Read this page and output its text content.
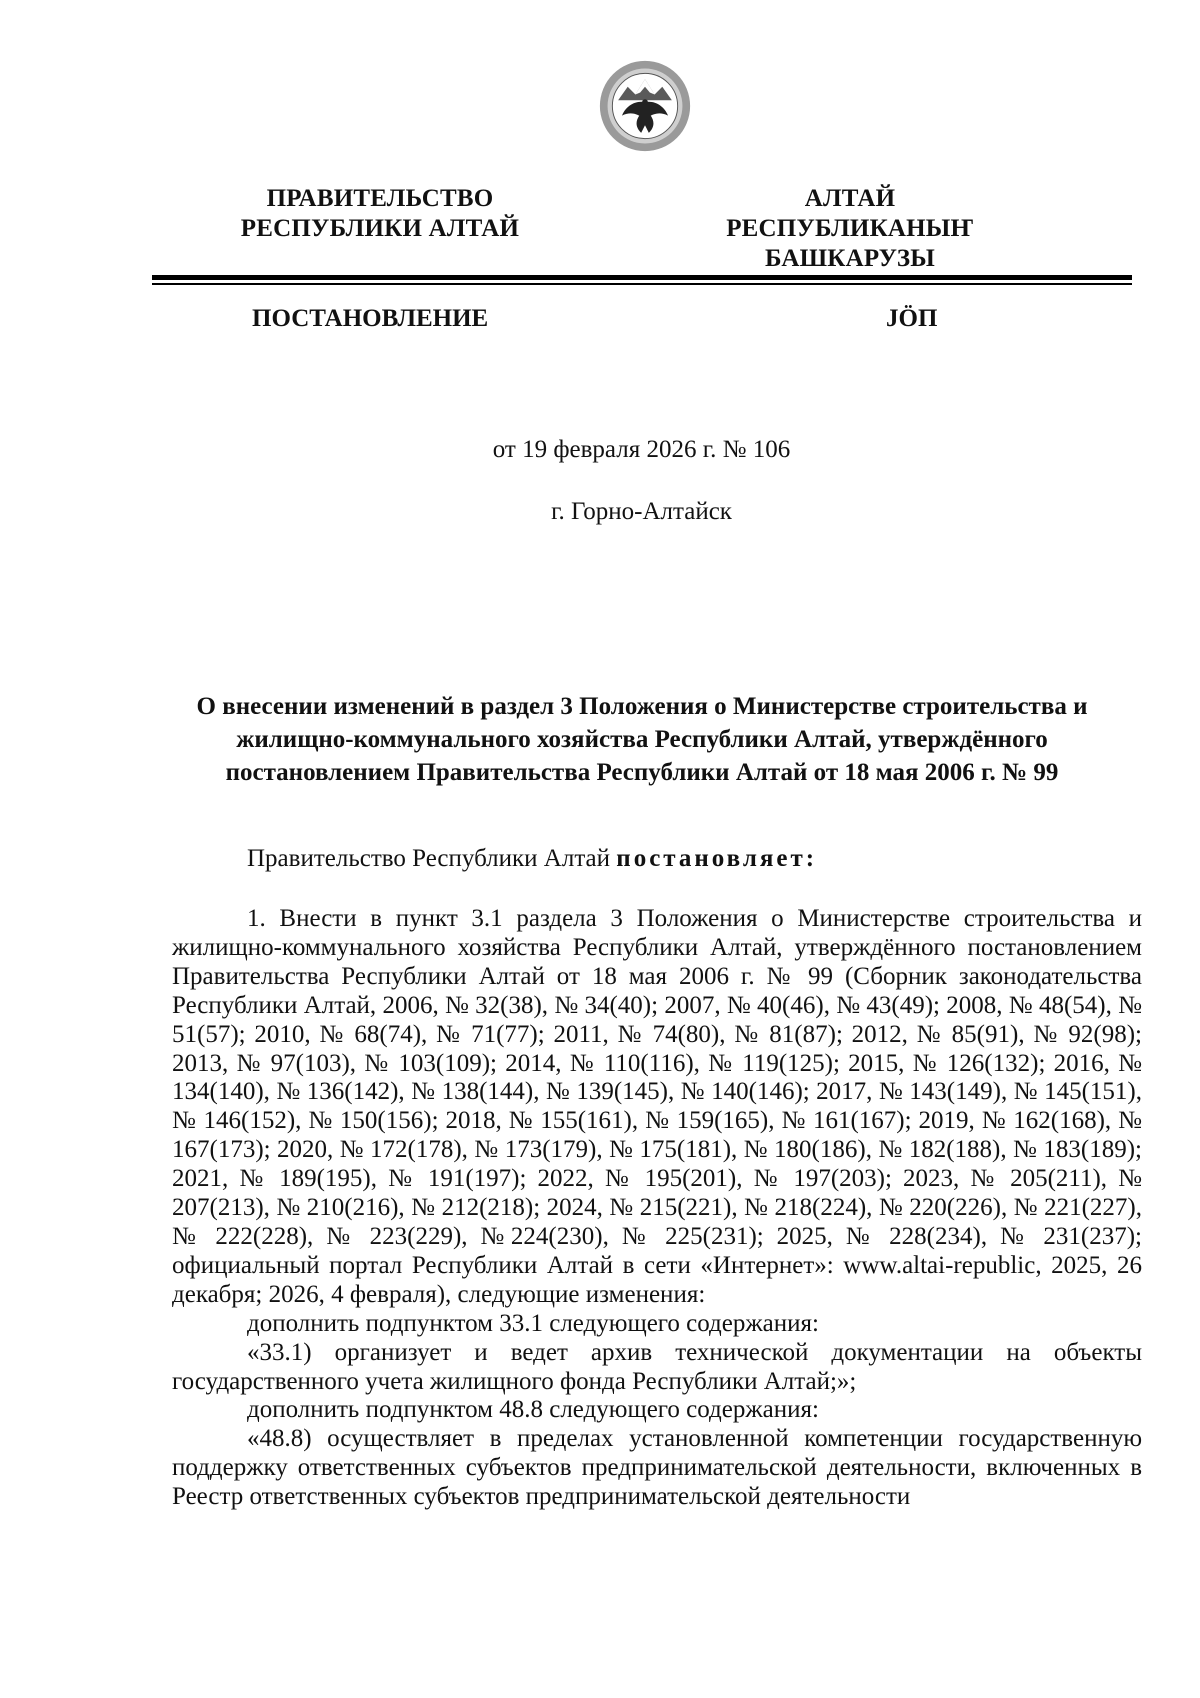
ПРАВИТЕЛЬСТВО
РЕСПУБЛИКИ АЛТАЙ
АЛТАЙ РЕСПУБЛИКАНЫҤ
БАШКАРУЗЫ
ПОСТАНОВЛЕНИЕ	JÖП
от 19 февраля 2026 г. № 106
г. Горно-Алтайск
О внесении изменений в раздел 3 Положения о Министерстве строительства и жилищно-коммунального хозяйства Республики Алтай, утверждённого постановлением Правительства Республики Алтай от 18 мая 2006 г. № 99
Правительство Республики Алтай постановляет:

1. Внести в пункт 3.1 раздела 3 Положения о Министерстве строительства и жилищно-коммунального хозяйства Республики Алтай, утверждённого постановлением Правительства Республики Алтай от 18 мая 2006 г. № 99 (Сборник законодательства Республики Алтай, 2006, № 32(38), № 34(40); 2007, № 40(46), № 43(49); 2008, № 48(54), № 51(57); 2010, № 68(74), № 71(77); 2011, № 74(80), № 81(87); 2012, № 85(91), № 92(98); 2013, № 97(103), № 103(109); 2014, № 110(116), № 119(125); 2015, № 126(132); 2016, № 134(140), № 136(142), № 138(144), № 139(145), № 140(146); 2017, № 143(149), № 145(151), № 146(152), № 150(156); 2018, № 155(161), № 159(165), № 161(167); 2019, № 162(168), № 167(173); 2020, № 172(178), № 173(179), № 175(181), № 180(186), № 182(188), № 183(189); 2021, № 189(195), № 191(197); 2022, № 195(201), № 197(203); 2023, № 205(211), № 207(213), № 210(216), № 212(218); 2024, № 215(221), № 218(224), № 220(226), № 221(227), № 222(228), № 223(229), №224(230), № 225(231); 2025, № 228(234), № 231(237); официальный портал Республики Алтай в сети «Интернет»: www.altai-republic, 2025, 26 декабря; 2026, 4 февраля), следующие изменения:

дополнить подпунктом 33.1 следующего содержания:

«33.1) организует и ведет архив технической документации на объекты государственного учета жилищного фонда Республики Алтай;»;

дополнить подпунктом 48.8 следующего содержания:

«48.8) осуществляет в пределах установленной компетенции государственную поддержку ответственных субъектов предпринимательской деятельности, включенных в Реестр ответственных субъектов предпринимательской деятельности
